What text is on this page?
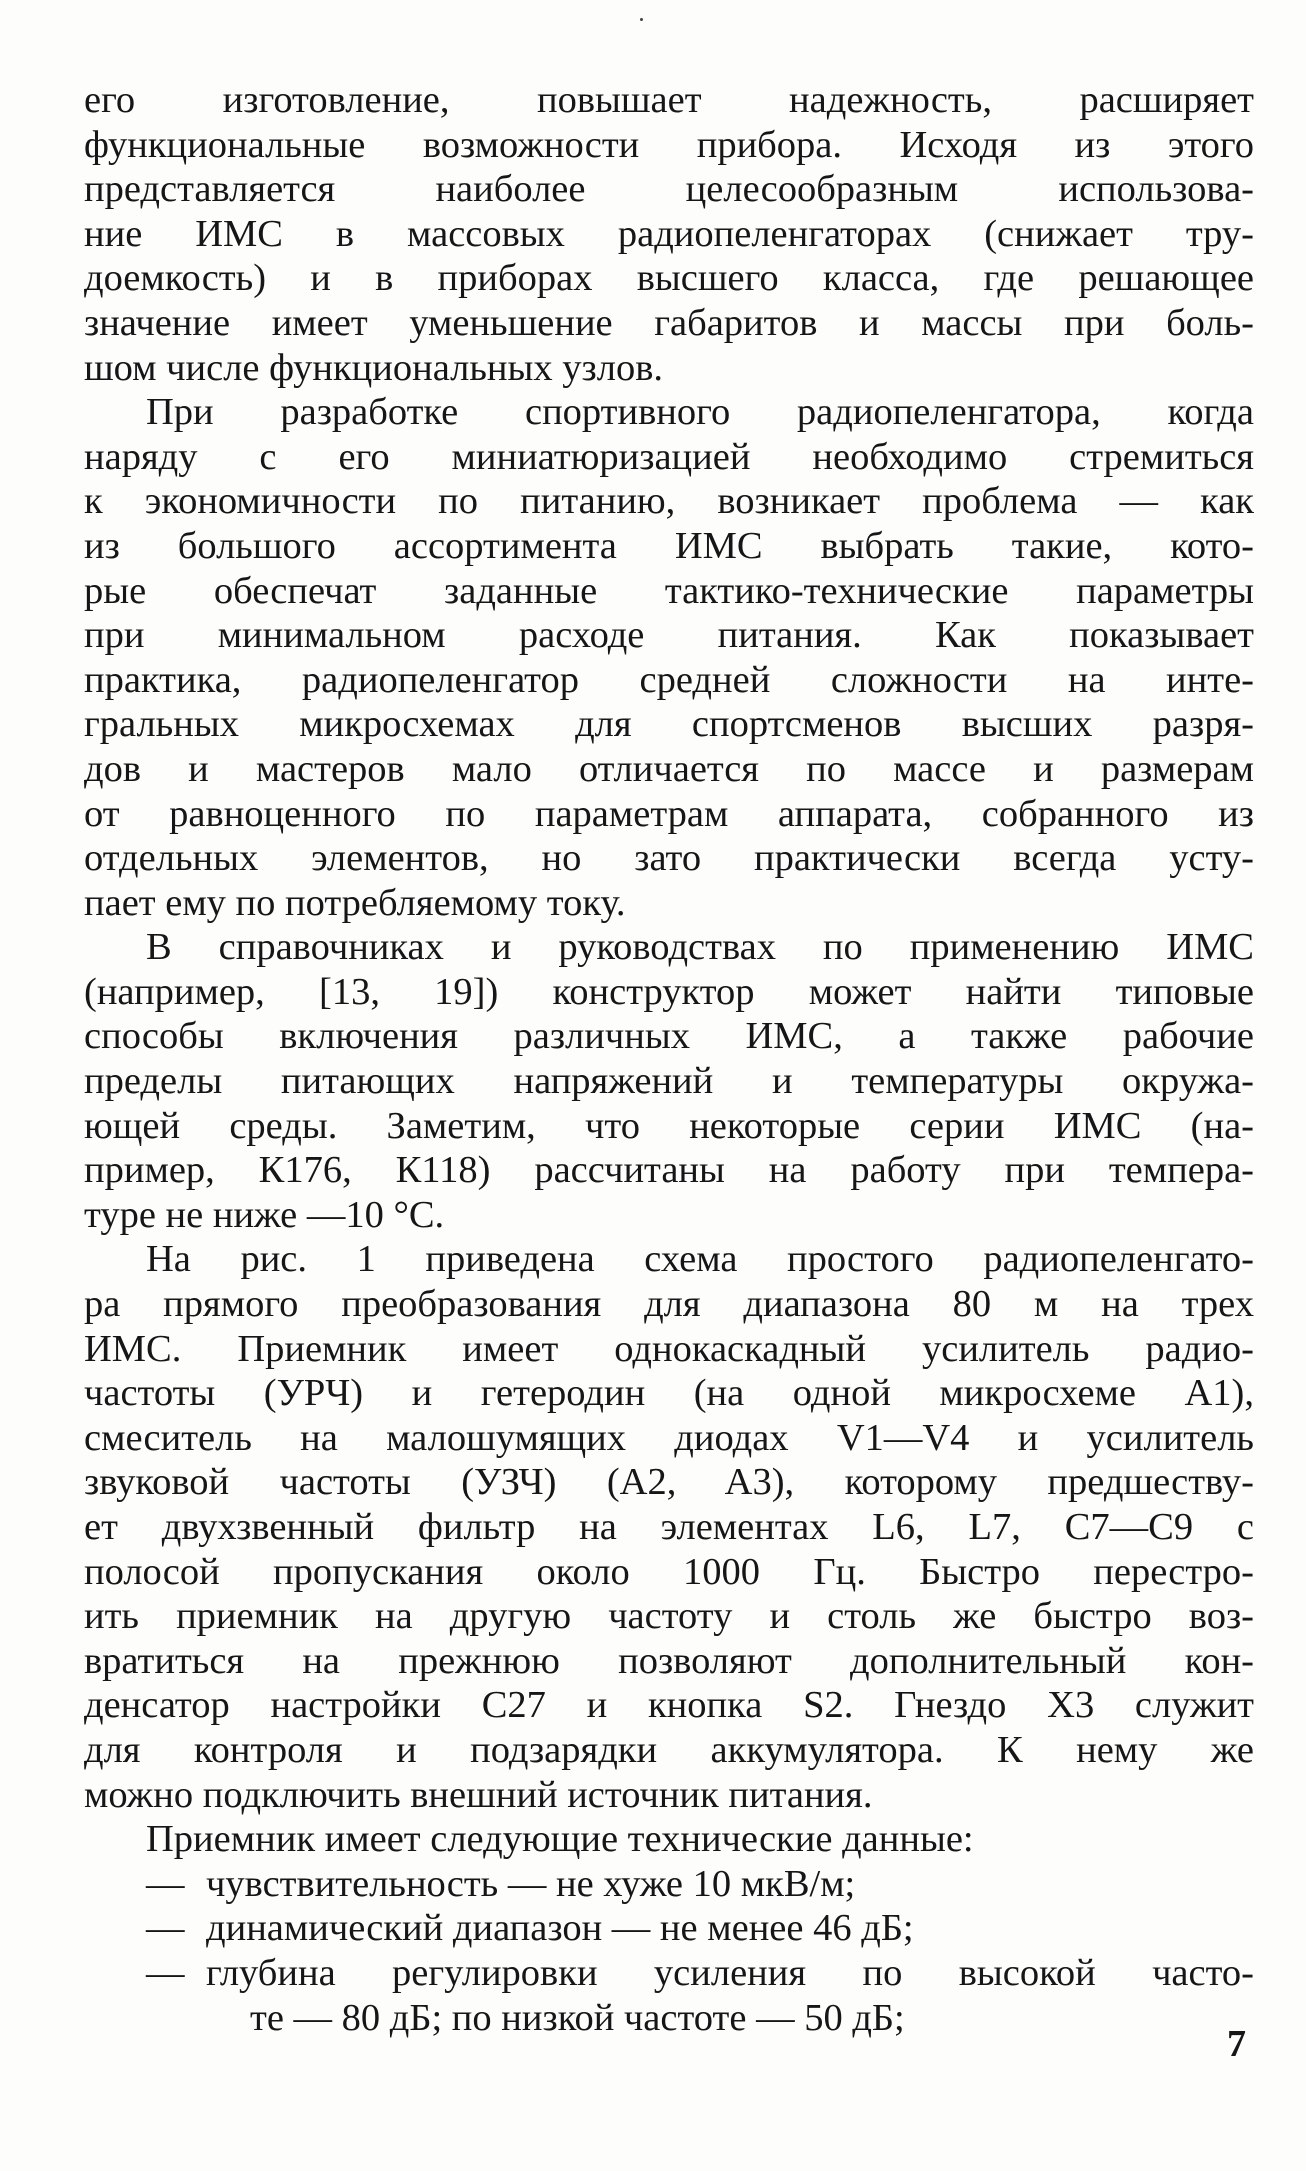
его изготовление, повышает надежность, расширяет
функциональные возможности прибора. Исходя из этого
представляется наиболее целесообразным использова-
ние ИМС в массовых радиопеленгаторах (снижает тру-
доемкость) и в приборах высшего класса, где решающее
значение имеет уменьшение габаритов и массы при боль-
шом числе функциональных узлов.
При разработке спортивного радиопеленгатора, когда
наряду с его миниатюризацией необходимо стремиться
к экономичности по питанию, возникает проблема — как
из большого ассортимента ИМС выбрать такие, кото-
рые обеспечат заданные тактико-технические параметры
при минимальном расходе питания. Как показывает
практика, радиопеленгатор средней сложности на инте-
гральных микросхемах для спортсменов высших разря-
дов и мастеров мало отличается по массе и размерам
от равноценного по параметрам аппарата, собранного из
отдельных элементов, но зато практически всегда усту-
пает ему по потребляемому току.
В справочниках и руководствах по применению ИМС
(например, [13, 19]) конструктор может найти типовые
способы включения различных ИМС, а также рабочие
пределы питающих напряжений и температуры окружа-
ющей среды. Заметим, что некоторые серии ИМС (на-
пример, К176, К118) рассчитаны на работу при темпера-
туре не ниже —10 °С.
На рис. 1 приведена схема простого радиопеленгато-
ра прямого преобразования для диапазона 80 м на трех
ИМС. Приемник имеет однокаскадный усилитель радио-
частоты (УРЧ) и гетеродин (на одной микросхеме A1),
смеситель на малошумящих диодах V1—V4 и усилитель
звуковой частоты (УЗЧ) (A2, A3), которому предшеству-
ет двухзвенный фильтр на элементах L6, L7, C7—C9 с
полосой пропускания около 1000 Гц. Быстро перестро-
ить приемник на другую частоту и столь же быстро воз-
вратиться на прежнюю позволяют дополнительный кон-
денсатор настройки C27 и кнопка S2. Гнездо X3 служит
для контроля и подзарядки аккумулятора. К нему же
можно подключить внешний источник питания.
Приемник имеет следующие технические данные:
— чувствительность — не хуже 10 мкВ/м;
— динамический диапазон — не менее 46 дБ;
— глубина регулировки усиления по высокой часто-
те — 80 дБ; по низкой частоте — 50 дБ;
7
